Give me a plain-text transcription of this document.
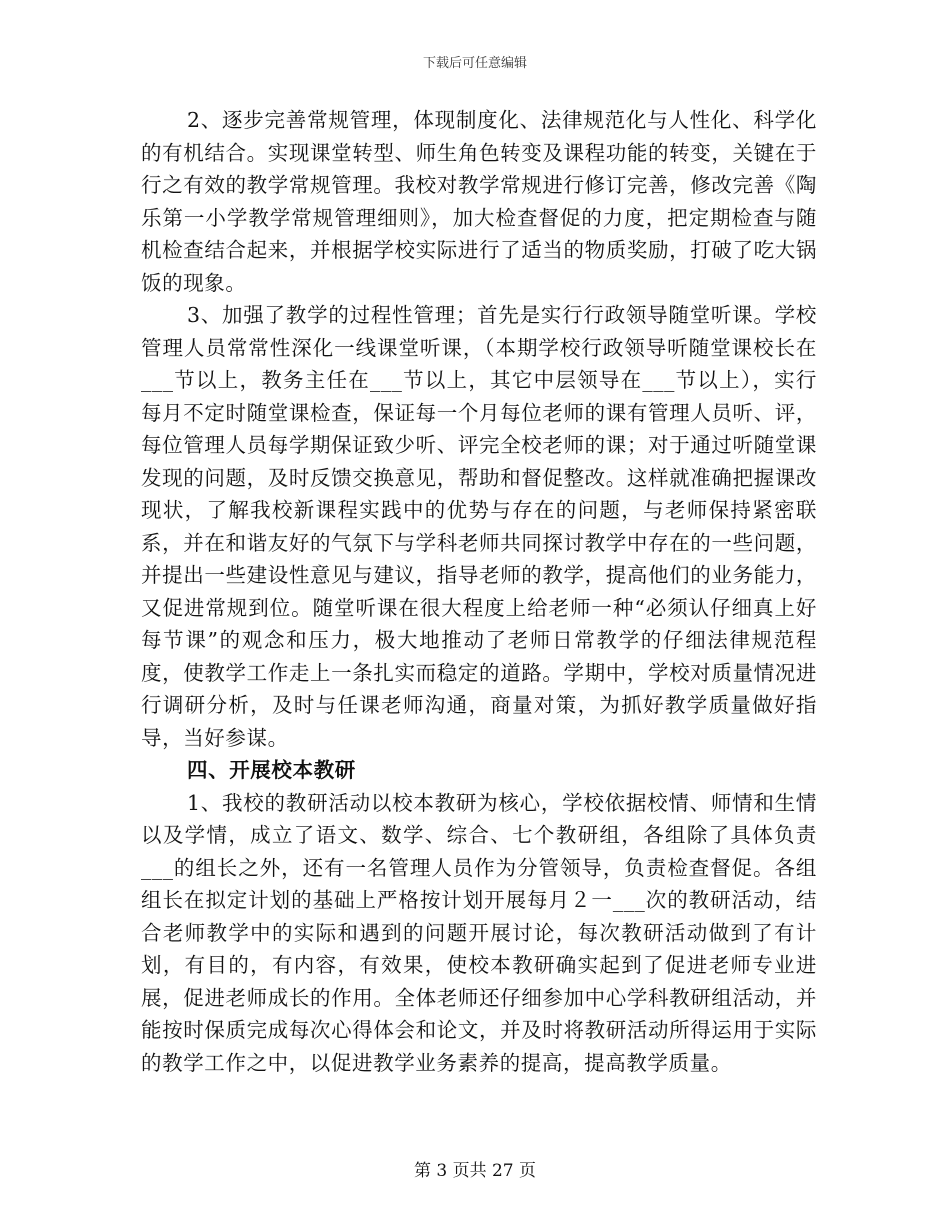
下载后可任意编辑

2、逐步完善常规管理，体现制度化、法律规范化与人性化、科学化的有机结合。实现课堂转型、师生角色转变及课程功能的转变，关键在于行之有效的教学常规管理。我校对教学常规进行修订完善，修改完善《陶乐第一小学教学常规管理细则》，加大检查督促的力度，把定期检查与随机检查结合起来，并根据学校实际进行了适当的物质奖励，打破了吃大锅饭的现象。

3、加强了教学的过程性管理；首先是实行行政领导随堂听课。学校管理人员常常性深化一线课堂听课，（本期学校行政领导听随堂课校长在___节以上，教务主任在___节以上，其它中层领导在___节以上），实行每月不定时随堂课检查，保证每一个月每位老师的课有管理人员听、评，每位管理人员每学期保证致少听、评完全校老师的课；对于通过听随堂课发现的问题，及时反馈交换意见，帮助和督促整改。这样就准确把握课改现状，了解我校新课程实践中的优势与存在的问题，与老师保持紧密联系，并在和谐友好的气氛下与学科老师共同探讨教学中存在的一些问题，并提出一些建设性意见与建议，指导老师的教学，提高他们的业务能力，又促进常规到位。随堂听课在很大程度上给老师一种“必须认仔细真上好每节课”的观念和压力，极大地推动了老师日常教学的仔细法律规范程度，使教学工作走上一条扎实而稳定的道路。学期中，学校对质量情况进行调研分析，及时与任课老师沟通，商量对策，为抓好教学质量做好指导，当好参谋。

四、开展校本教研

1、我校的教研活动以校本教研为核心，学校依据校情、师情和生情以及学情，成立了语文、数学、综合、七个教研组，各组除了具体负责___的组长之外，还有一名管理人员作为分管领导，负责检查督促。各组组长在拟定计划的基础上严格按计划开展每月２一___次的教研活动，结合老师教学中的实际和遇到的问题开展讨论，每次教研活动做到了有计划，有目的，有内容，有效果，使校本教研确实起到了促进老师专业进展，促进老师成长的作用。全体老师还仔细参加中心学科教研组活动，并能按时保质完成每次心得体会和论文，并及时将教研活动所得运用于实际的教学工作之中，以促进教学业务素养的提高，提高教学质量。

第 3 页共 27 页
